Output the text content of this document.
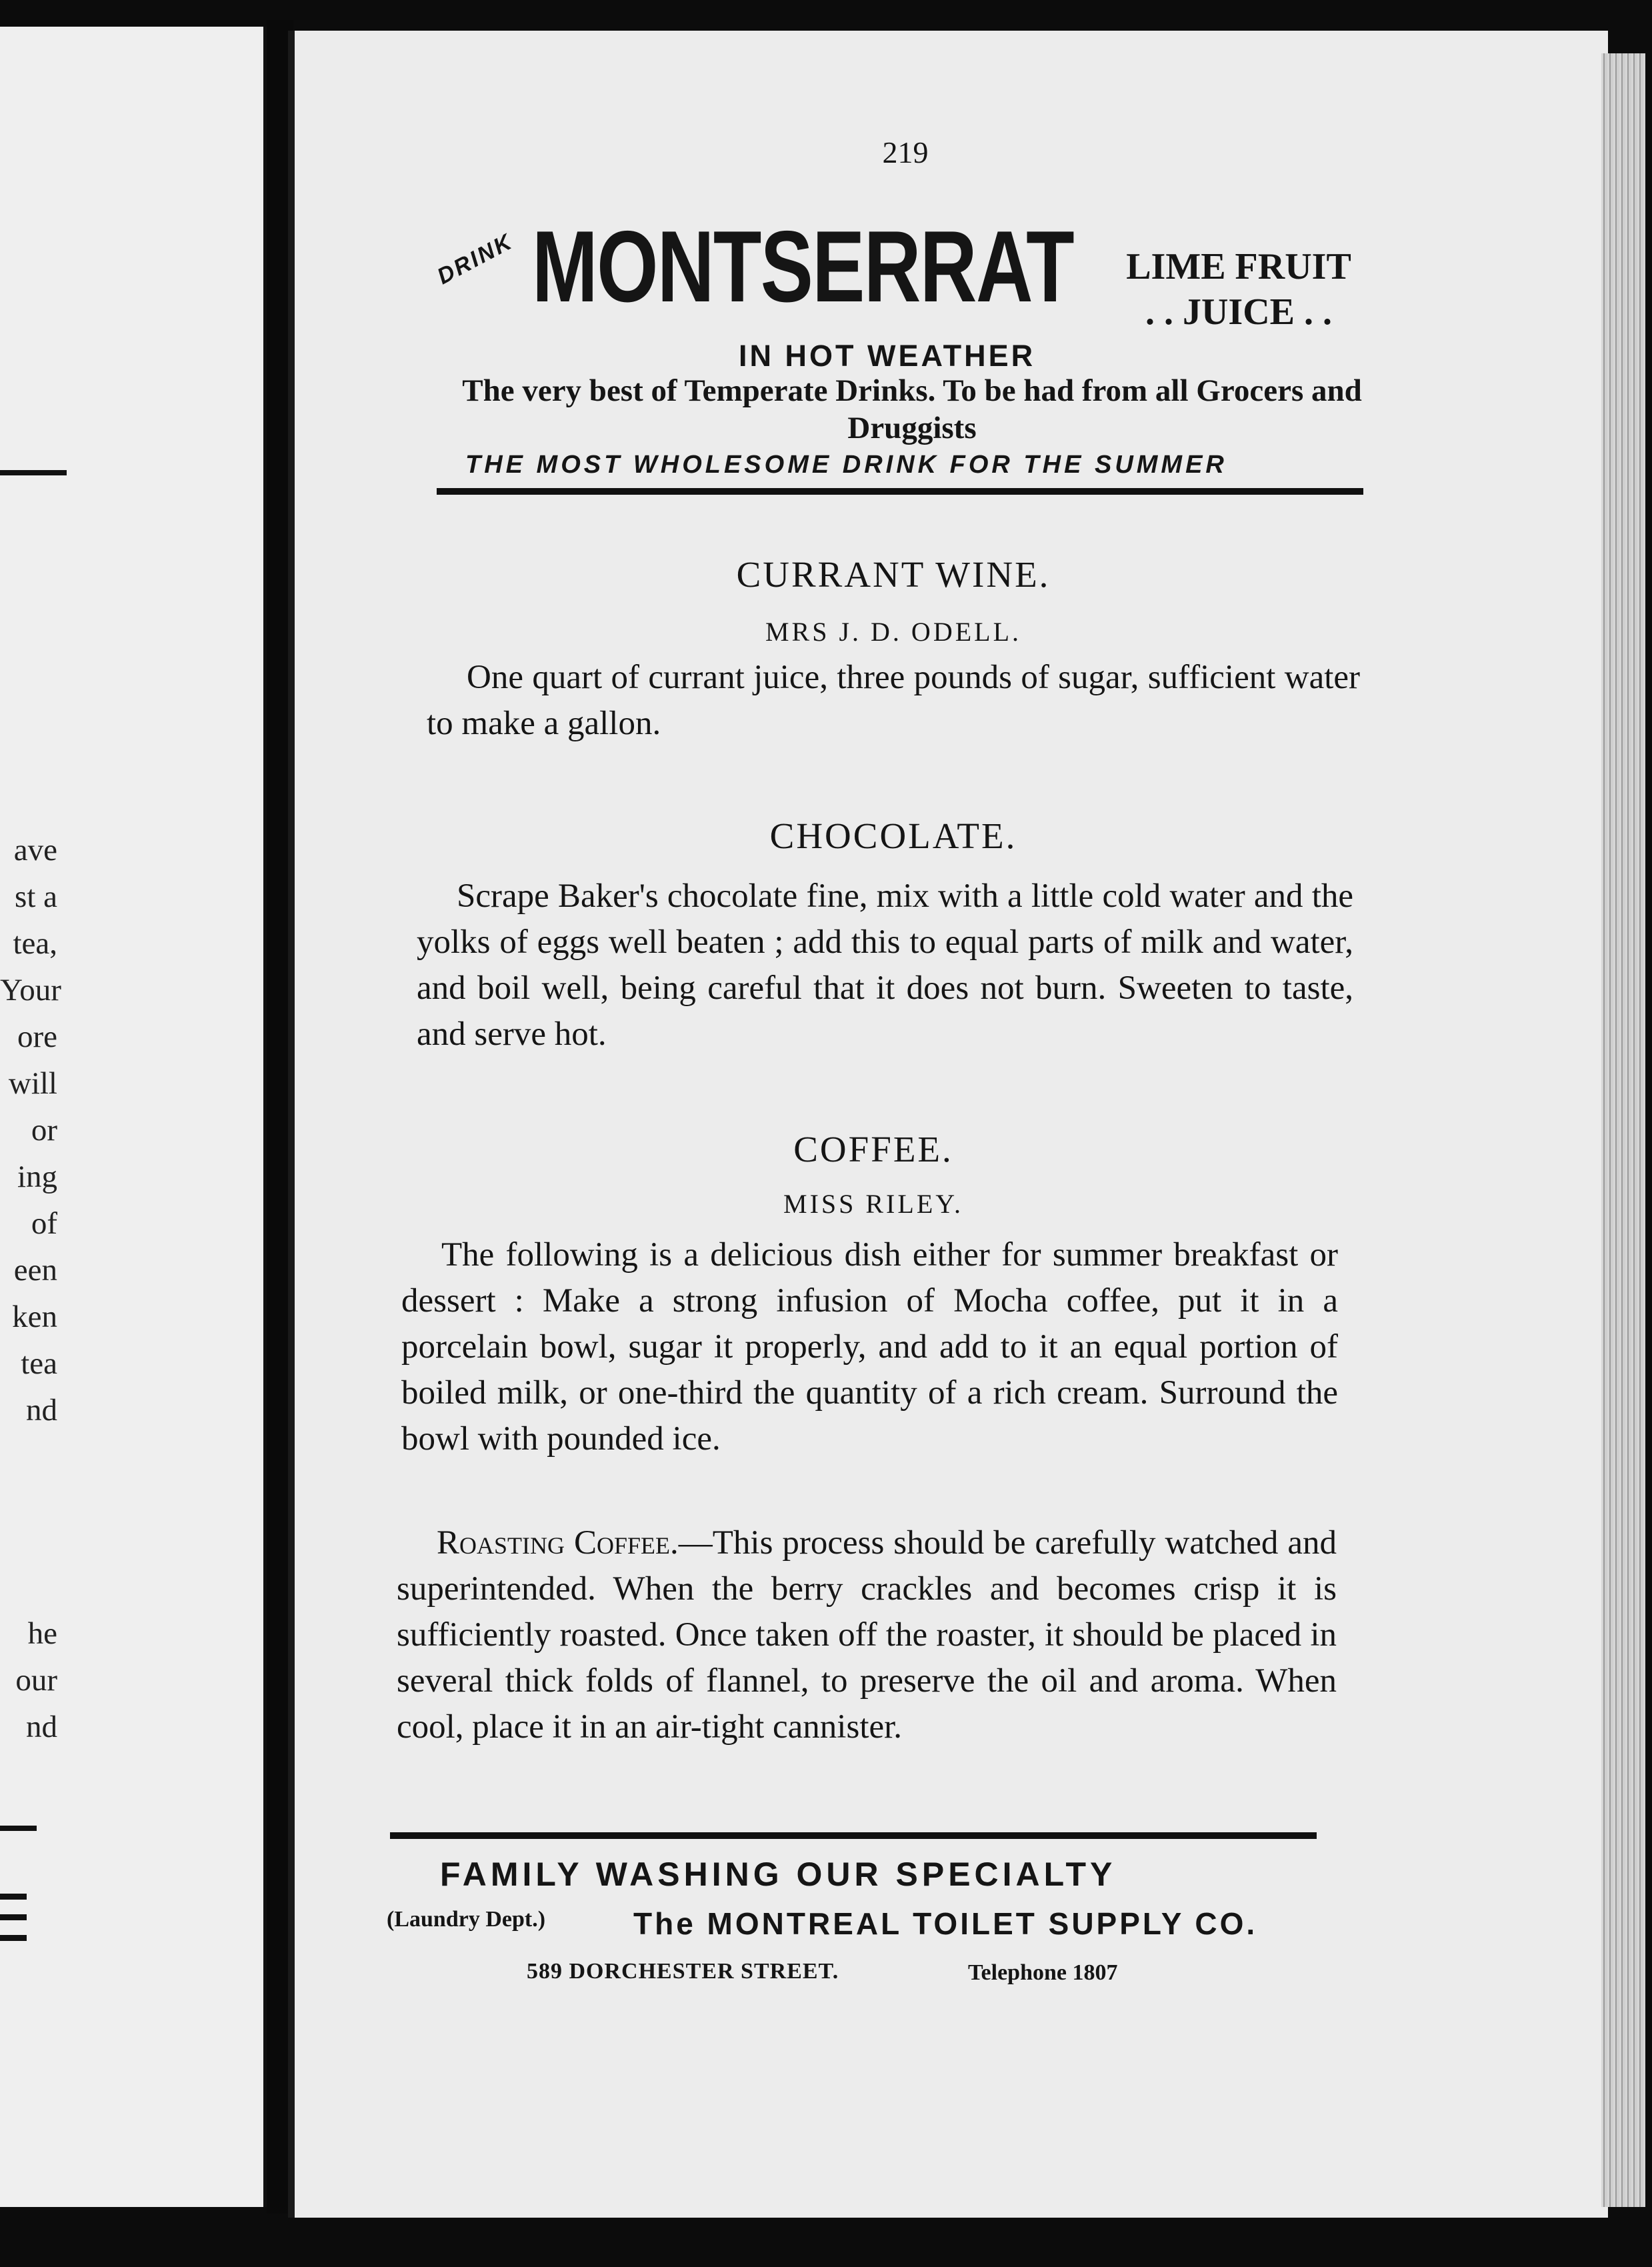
ave
st a
tea,
Your
ore
will
or
ing
of
een
ken
tea
nd
he
our
nd
219
DRINK MONTSERRAT	LIME FRUIT
. . JUICE . .
IN HOT WEATHER
The very best of Temperate Drinks. To be had from all Grocers and Druggists
THE MOST WHOLESOME DRINK FOR THE SUMMER
CURRANT WINE.
MRS J. D. ODELL.
One quart of currant juice, three pounds of sugar, sufficient water to make a gallon.
CHOCOLATE.
Scrape Baker's chocolate fine, mix with a little cold water and the yolks of eggs well beaten ; add this to equal parts of milk and water, and boil well, being careful that it does not burn. Sweeten to taste, and serve hot.
COFFEE.
MISS RILEY.
The following is a delicious dish either for summer breakfast or dessert : Make a strong infusion of Mocha coffee, put it in a porcelain bowl, sugar it properly, and add to it an equal portion of boiled milk, or one-third the quantity of a rich cream. Surround the bowl with pounded ice.
Roasting Coffee.—This process should be carefully watched and superintended. When the berry crackles and becomes crisp it is sufficiently roasted. Once taken off the roaster, it should be placed in several thick folds of flannel, to preserve the oil and aroma. When cool, place it in an air-tight cannister.
FAMILY WASHING OUR SPECIALTY
(Laundry Dept.)	The MONTREAL TOILET SUPPLY CO.
589 DORCHESTER STREET.	Telephone 1807
